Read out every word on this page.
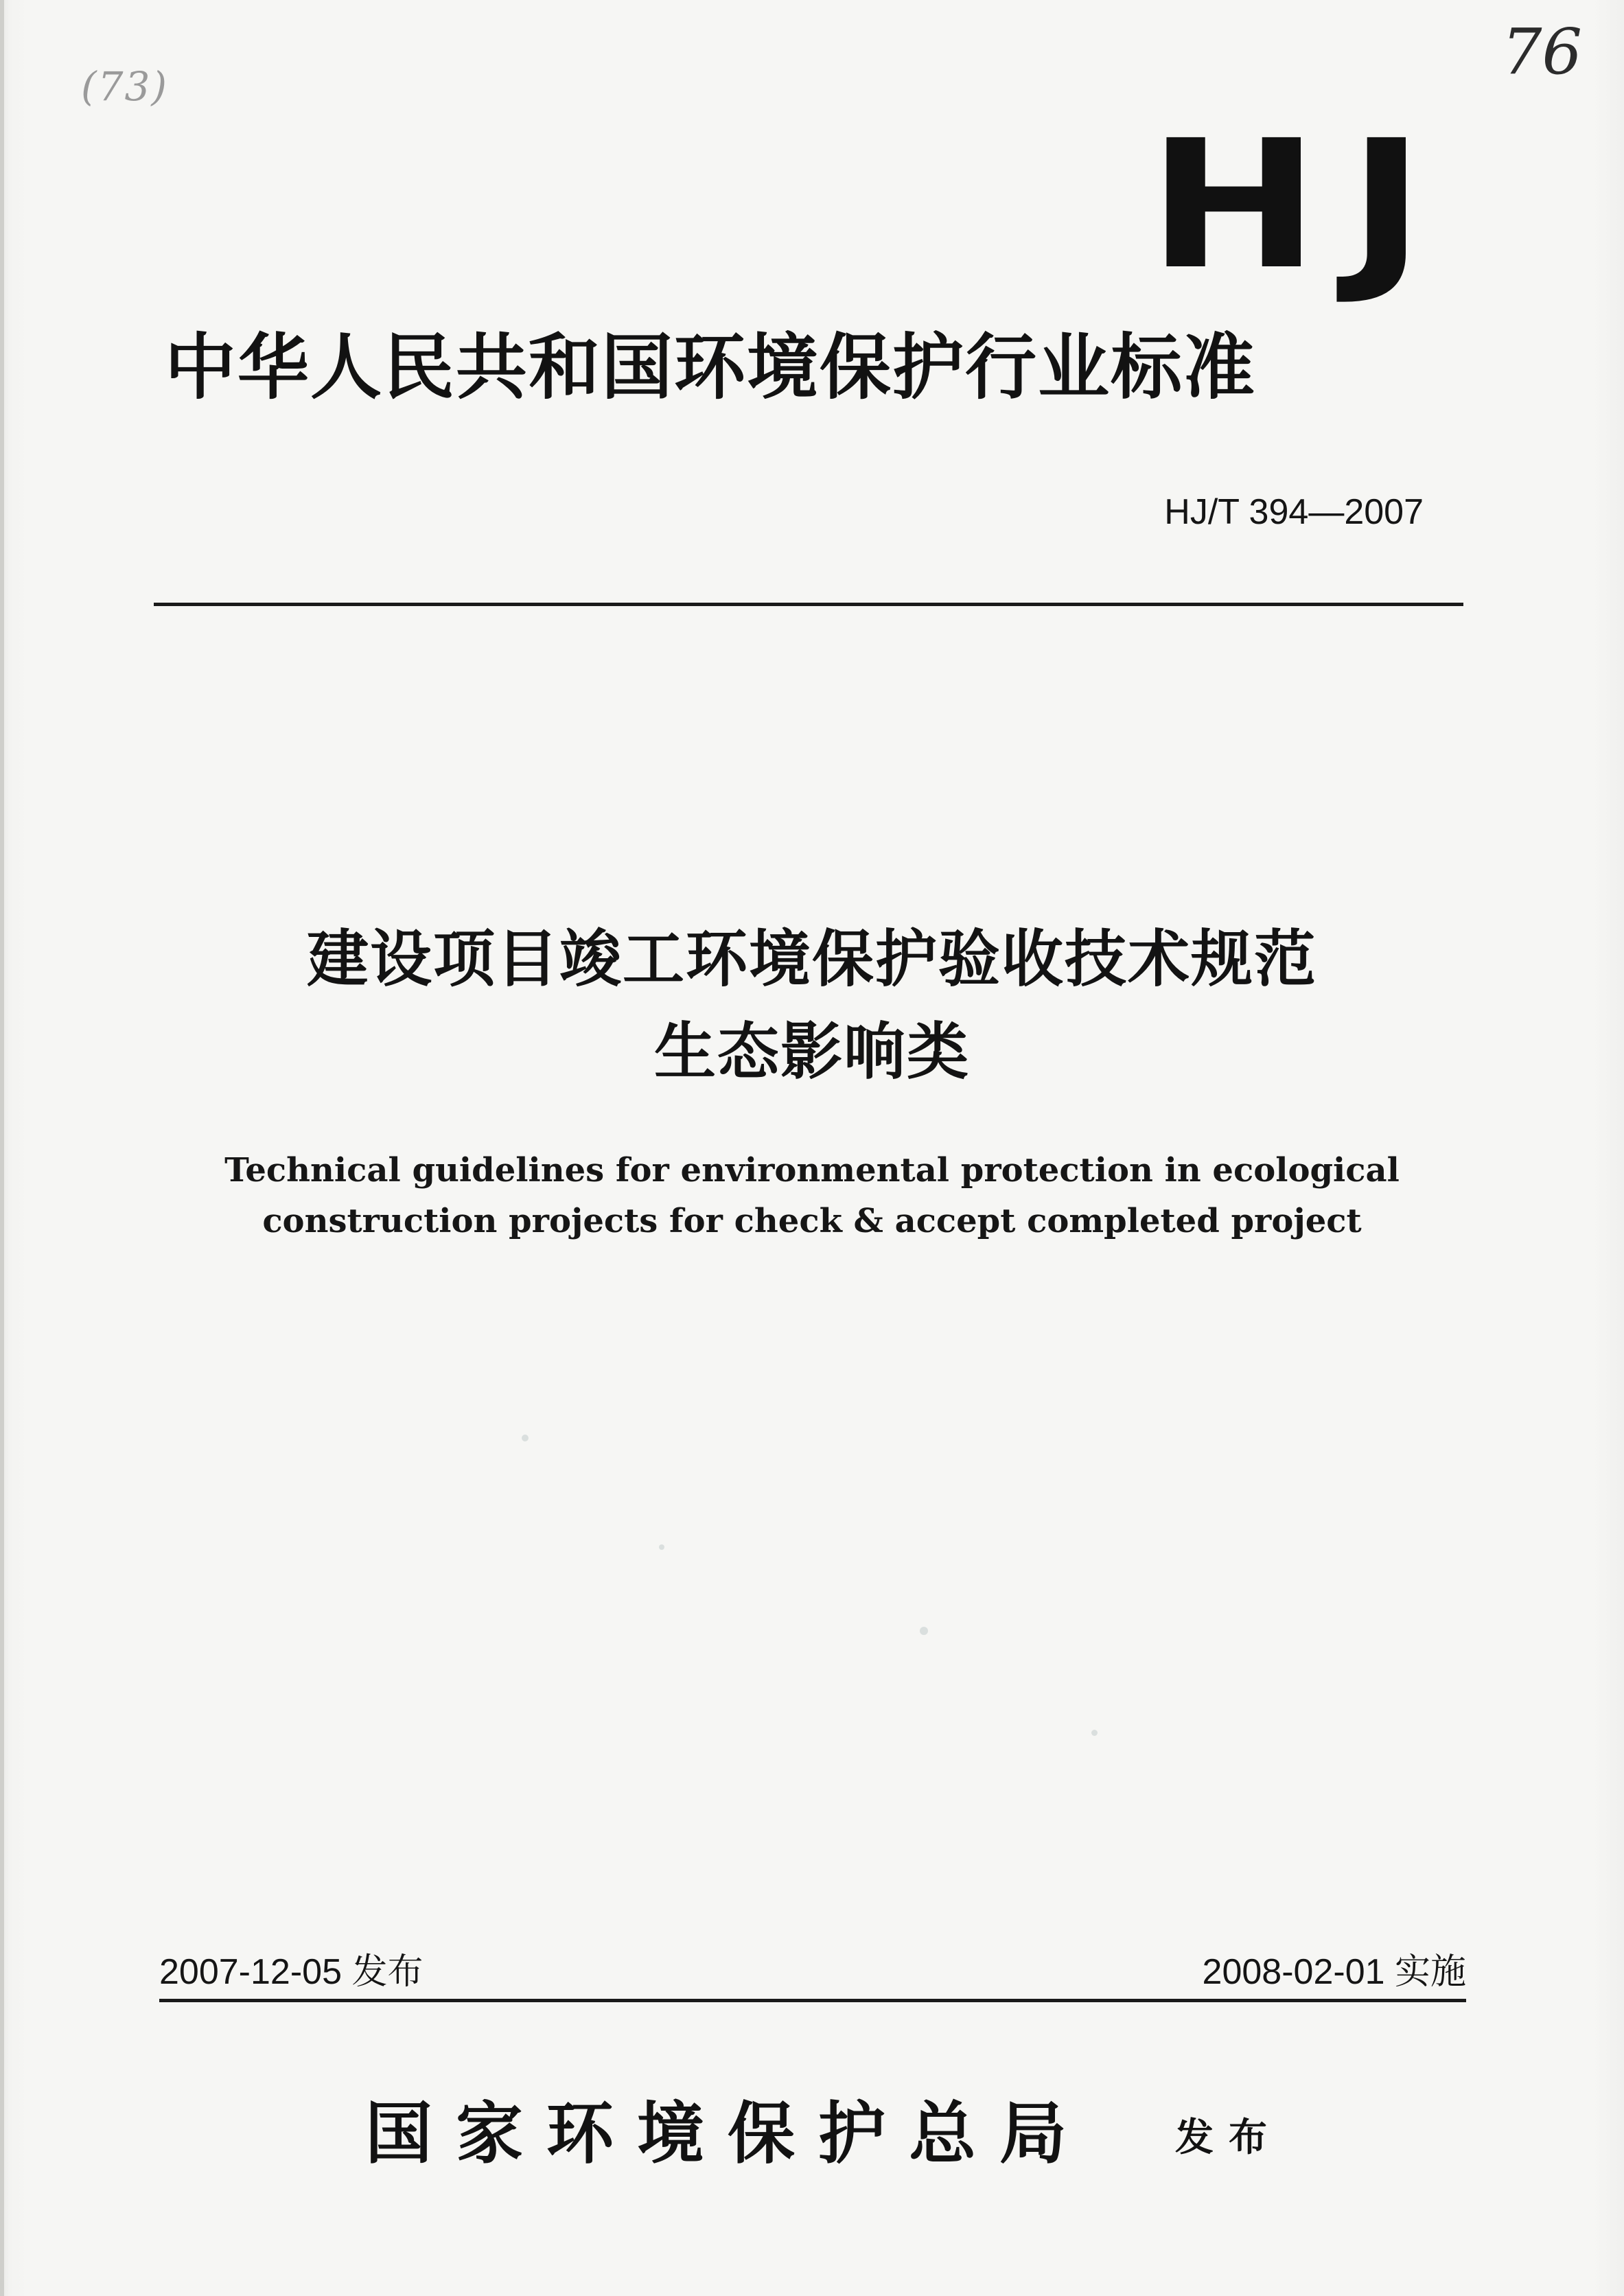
(73)	76
HJ
中华人民共和国环境保护行业标准
HJ/T 394—2007
建设项目竣工环境保护验收技术规范
生态影响类
Technical guidelines for environmental protection in ecological
construction projects for check & accept completed project
2007-12-05 发布	2008-02-01 实施
国家环境保护总局 发布
